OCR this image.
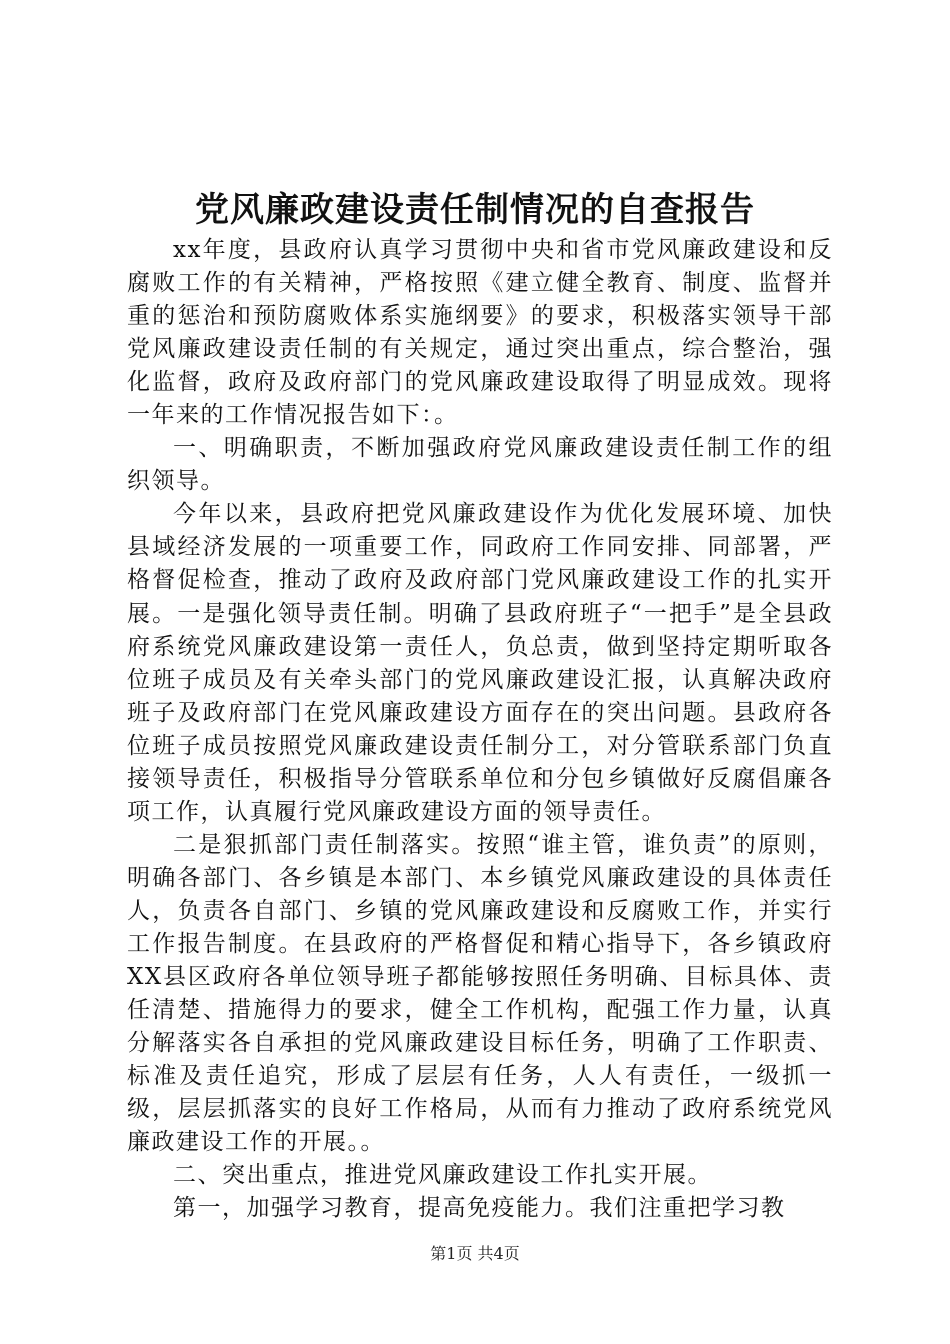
党风廉政建设责任制情况的自查报告

xx年度，县政府认真学习贯彻中央和省市党风廉政建设和反腐败工作的有关精神，严格按照《建立健全教育、制度、监督并重的惩治和预防腐败体系实施纲要》的要求，积极落实领导干部党风廉政建设责任制的有关规定，通过突出重点，综合整治，强化监督，政府及政府部门的党风廉政建设取得了明显成效。现将一年来的工作情况报告如下：。

一、明确职责，不断加强政府党风廉政建设责任制工作的组织领导。

今年以来，县政府把党风廉政建设作为优化发展环境、加快县域经济发展的一项重要工作，同政府工作同安排、同部署，严格督促检查，推动了政府及政府部门党风廉政建设工作的扎实开展。一是强化领导责任制。明确了县政府班子“一把手”是全县政府系统党风廉政建设第一责任人，负总责，做到坚持定期听取各位班子成员及有关牵头部门的党风廉政建设汇报，认真解决政府班子及政府部门在党风廉政建设方面存在的突出问题。县政府各位班子成员按照党风廉政建设责任制分工，对分管联系部门负直接领导责任，积极指导分管联系单位和分包乡镇做好反腐倡廉各项工作，认真履行党风廉政建设方面的领导责任。

二是狠抓部门责任制落实。按照“谁主管，谁负责”的原则，明确各部门、各乡镇是本部门、本乡镇党风廉政建设的具体责任人，负责各自部门、乡镇的党风廉政建设和反腐败工作，并实行工作报告制度。在县政府的严格督促和精心指导下，各乡镇政府XX县区政府各单位领导班子都能够按照任务明确、目标具体、责任清楚、措施得力的要求，健全工作机构，配强工作力量，认真分解落实各自承担的党风廉政建设目标任务，明确了工作职责、标准及责任追究，形成了层层有任务，人人有责任，一级抓一级，层层抓落实的良好工作格局，从而有力推动了政府系统党风廉政建设工作的开展。。

二、突出重点，推进党风廉政建设工作扎实开展。

第一，加强学习教育，提高免疫能力。我们注重把学习教

第1页 共4页
